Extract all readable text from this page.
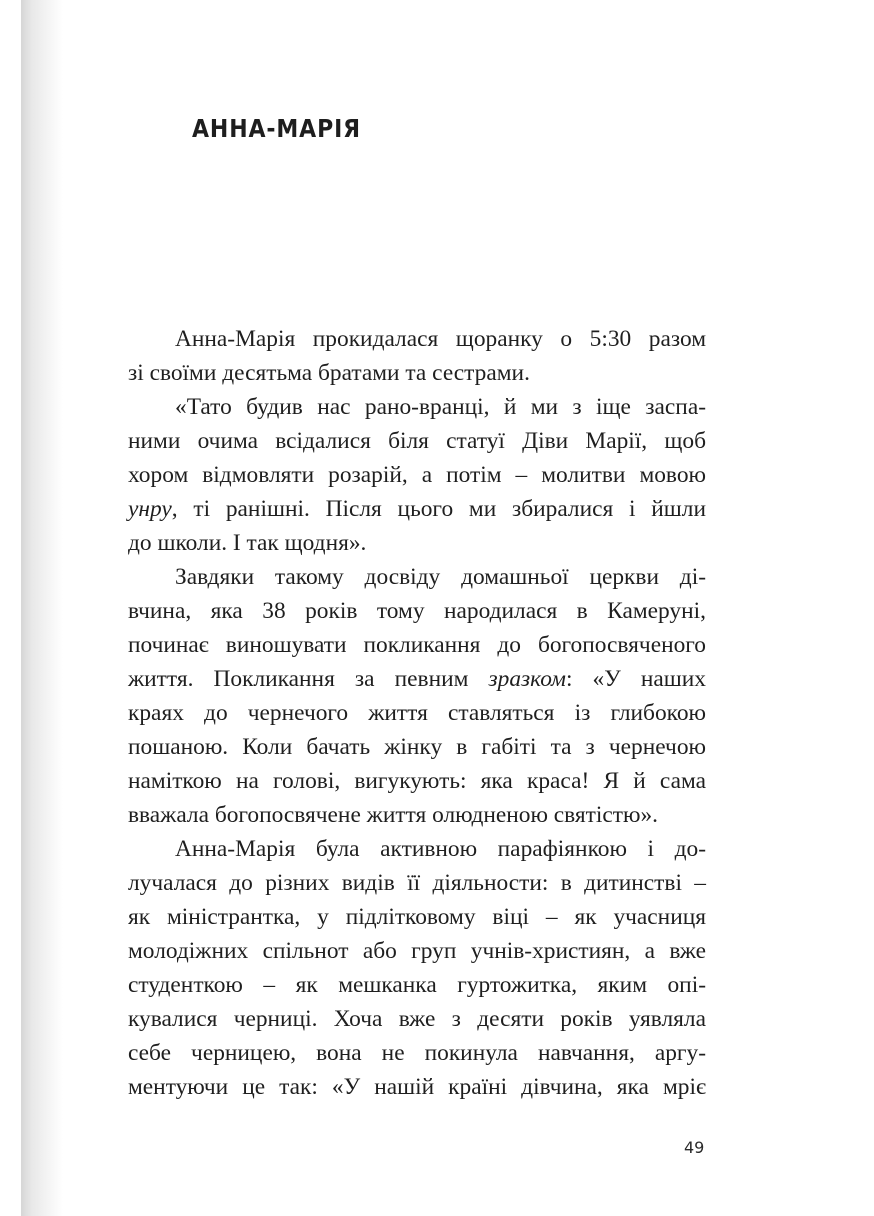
АННА-МАРІЯ
Анна-Марія прокидалася щоранку о 5:30 разом
зі своїми десятьма братами та сестрами.
«Тато будив нас рано-вранці, й ми з іще заспа-
ними очима всідалися біля статуї Діви Марії, щоб
хором відмовляти розарій, а потім – молитви мовою
унру, ті ранішні. Після цього ми збиралися і йшли
до школи. І так щодня».
Завдяки такому досвіду домашньої церкви ді-
вчина, яка 38 років тому народилася в Камеруні,
починає виношувати покликання до богопосвяченого
життя. Покликання за певним зразком: «У наших
краях до чернечого життя ставляться із глибокою
пошаною. Коли бачать жінку в габіті та з чернечою
наміткою на голові, вигукують: яка краса! Я й сама
вважала богопосвячене життя олюдненою святістю».
Анна-Марія була активною парафіянкою і до-
лучалася до різних видів її діяльности: в дитинстві –
як міністрантка, у підлітковому віці – як учасниця
молодіжних спільнот або груп учнів-християн, а вже
студенткою – як мешканка гуртожитка, яким опі-
кувалися черниці. Хоча вже з десяти років уявляла
себе черницею, вона не покинула навчання, аргу-
ментуючи це так: «У нашій країні дівчина, яка мріє
49
